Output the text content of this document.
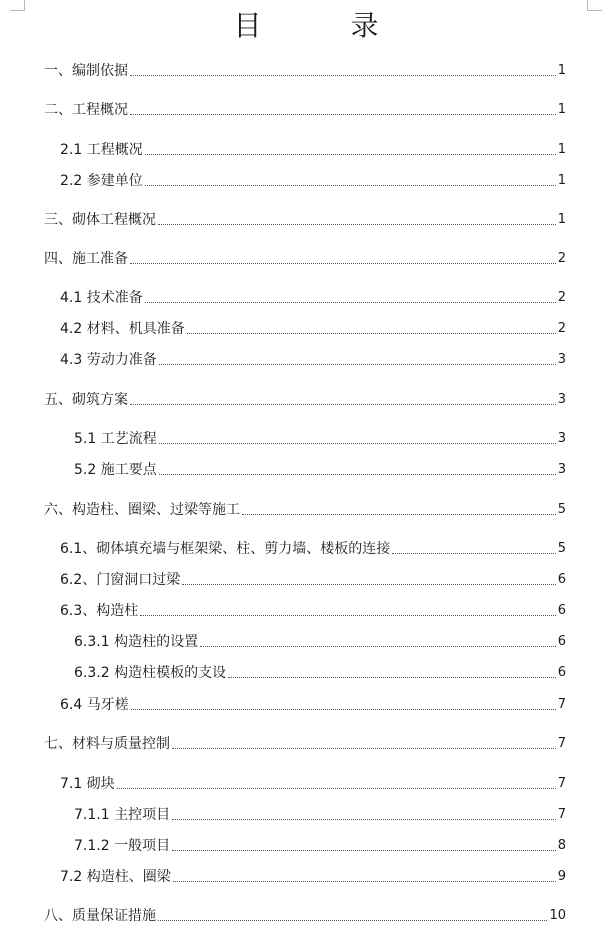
目 录
一、编制依据	1
二、工程概况	1
2.1 工程概况	1
2.2 参建单位	1
三、砌体工程概况	1
四、施工准备	2
4.1 技术准备	2
4.2 材料、机具准备	2
4.3 劳动力准备	3
五、砌筑方案	3
5.1 工艺流程	3
5.2 施工要点	3
六、构造柱、圈梁、过梁等施工	5
6.1、砌体填充墙与框架梁、柱、剪力墙、楼板的连接	5
6.2、门窗洞口过梁	6
6.3、构造柱	6
6.3.1 构造柱的设置	6
6.3.2 构造柱模板的支设	6
6.4 马牙槎	7
七、材料与质量控制	7
7.1 砌块	7
7.1.1 主控项目	7
7.1.2 一般项目	8
7.2 构造柱、圈梁	9
八、质量保证措施	10
